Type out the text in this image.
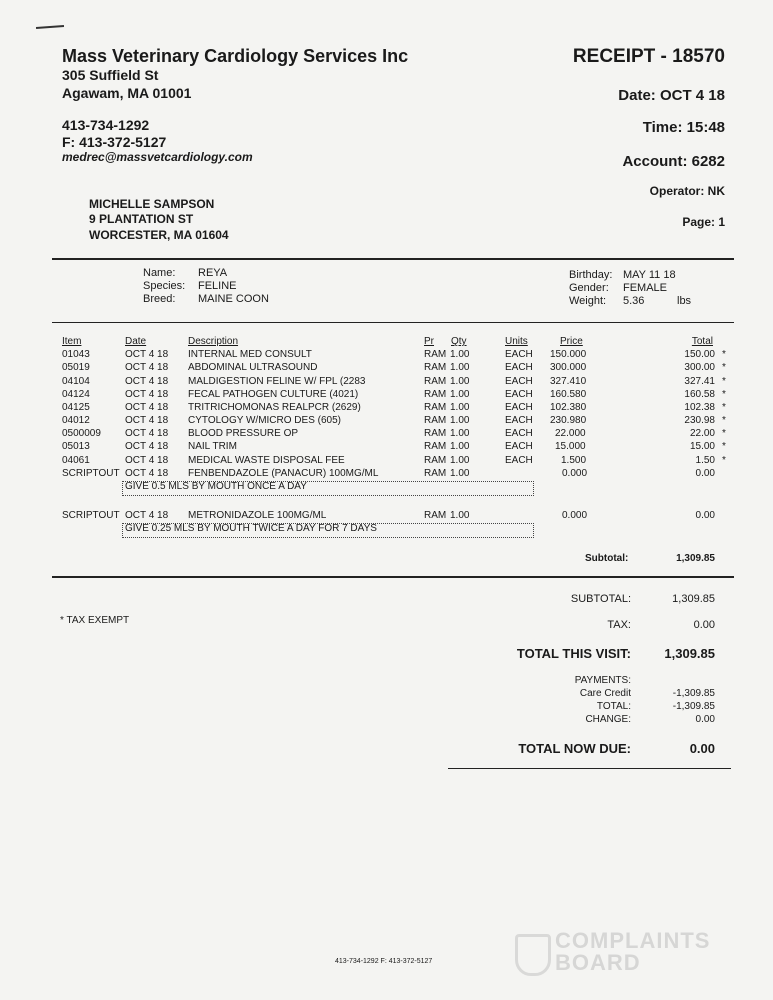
Mass Veterinary Cardiology Services Inc
305 Suffield St
Agawam, MA 01001
413-734-1292
F: 413-372-5127
medrec@massvetcardiology.com
RECEIPT - 18570
Date: OCT 4 18
Time: 15:48
Account: 6282
Operator: NK
Page: 1
MICHELLE SAMPSON
9 PLANTATION ST
WORCESTER, MA 01604
Name: REYA
Species: FELINE
Breed: MAINE COON
Birthday: MAY 11 18
Gender: FEMALE
Weight: 5.36	lbs
Item	Date	Description	Pr Qty	Units	Price	Total
01043	OCT 4 18 INTERNAL MED CONSULT	RAM 1.00	EACH 150.000	150.00 *
05019	OCT 4 18 ABDOMINAL ULTRASOUND	RAM 1.00	EACH 300.000	300.00 *
04104	OCT 4 18 MALDIGESTION FELINE W/ FPL (2283	RAM 1.00	EACH 327.410	327.41 *
04124	OCT 4 18 FECAL PATHOGEN CULTURE (4021)	RAM 1.00	EACH 160.580	160.58 *
04125	OCT 4 18 TRITRICHOMONAS REALPCR (2629)	RAM 1.00	EACH 102.380	102.38 *
04012	OCT 4 18 CYTOLOGY W/MICRO DES (605)	RAM 1.00	EACH 230.980	230.98 *
0500009 OCT 4 18 BLOOD PRESSURE OP	RAM 1.00	EACH 22.000	22.00 *
05013	OCT 4 18 NAIL TRIM	RAM 1.00	EACH 15.000	15.00 *
04061	OCT 4 18 MEDICAL WASTE DISPOSAL FEE	RAM 1.00	EACH	1.500	1.50 *
SCRIPTOUT OCT 4 18 FENBENDAZOLE (PANACUR) 100MG/ML	RAM 1.00	0.000	0.00
GIVE 0.5 MLS BY MOUTH ONCE A DAY
SCRIPTOUT OCT 4 18 METRONIDAZOLE 100MG/ML	RAM 1.00	0.000	0.00
GIVE 0.25 MLS BY MOUTH TWICE A DAY FOR 7 DAYS
Subtotal:	1,309.85
* TAX EXEMPT
SUBTOTAL:	1,309.85
TAX:	0.00
TOTAL THIS VISIT:	1,309.85
PAYMENTS:
Care Credit	-1,309.85
TOTAL:	-1,309.85
CHANGE:	0.00
TOTAL NOW DUE:	0.00
413-734-1292 F: 413-372-5127
COMPLAINTS
BOARD
